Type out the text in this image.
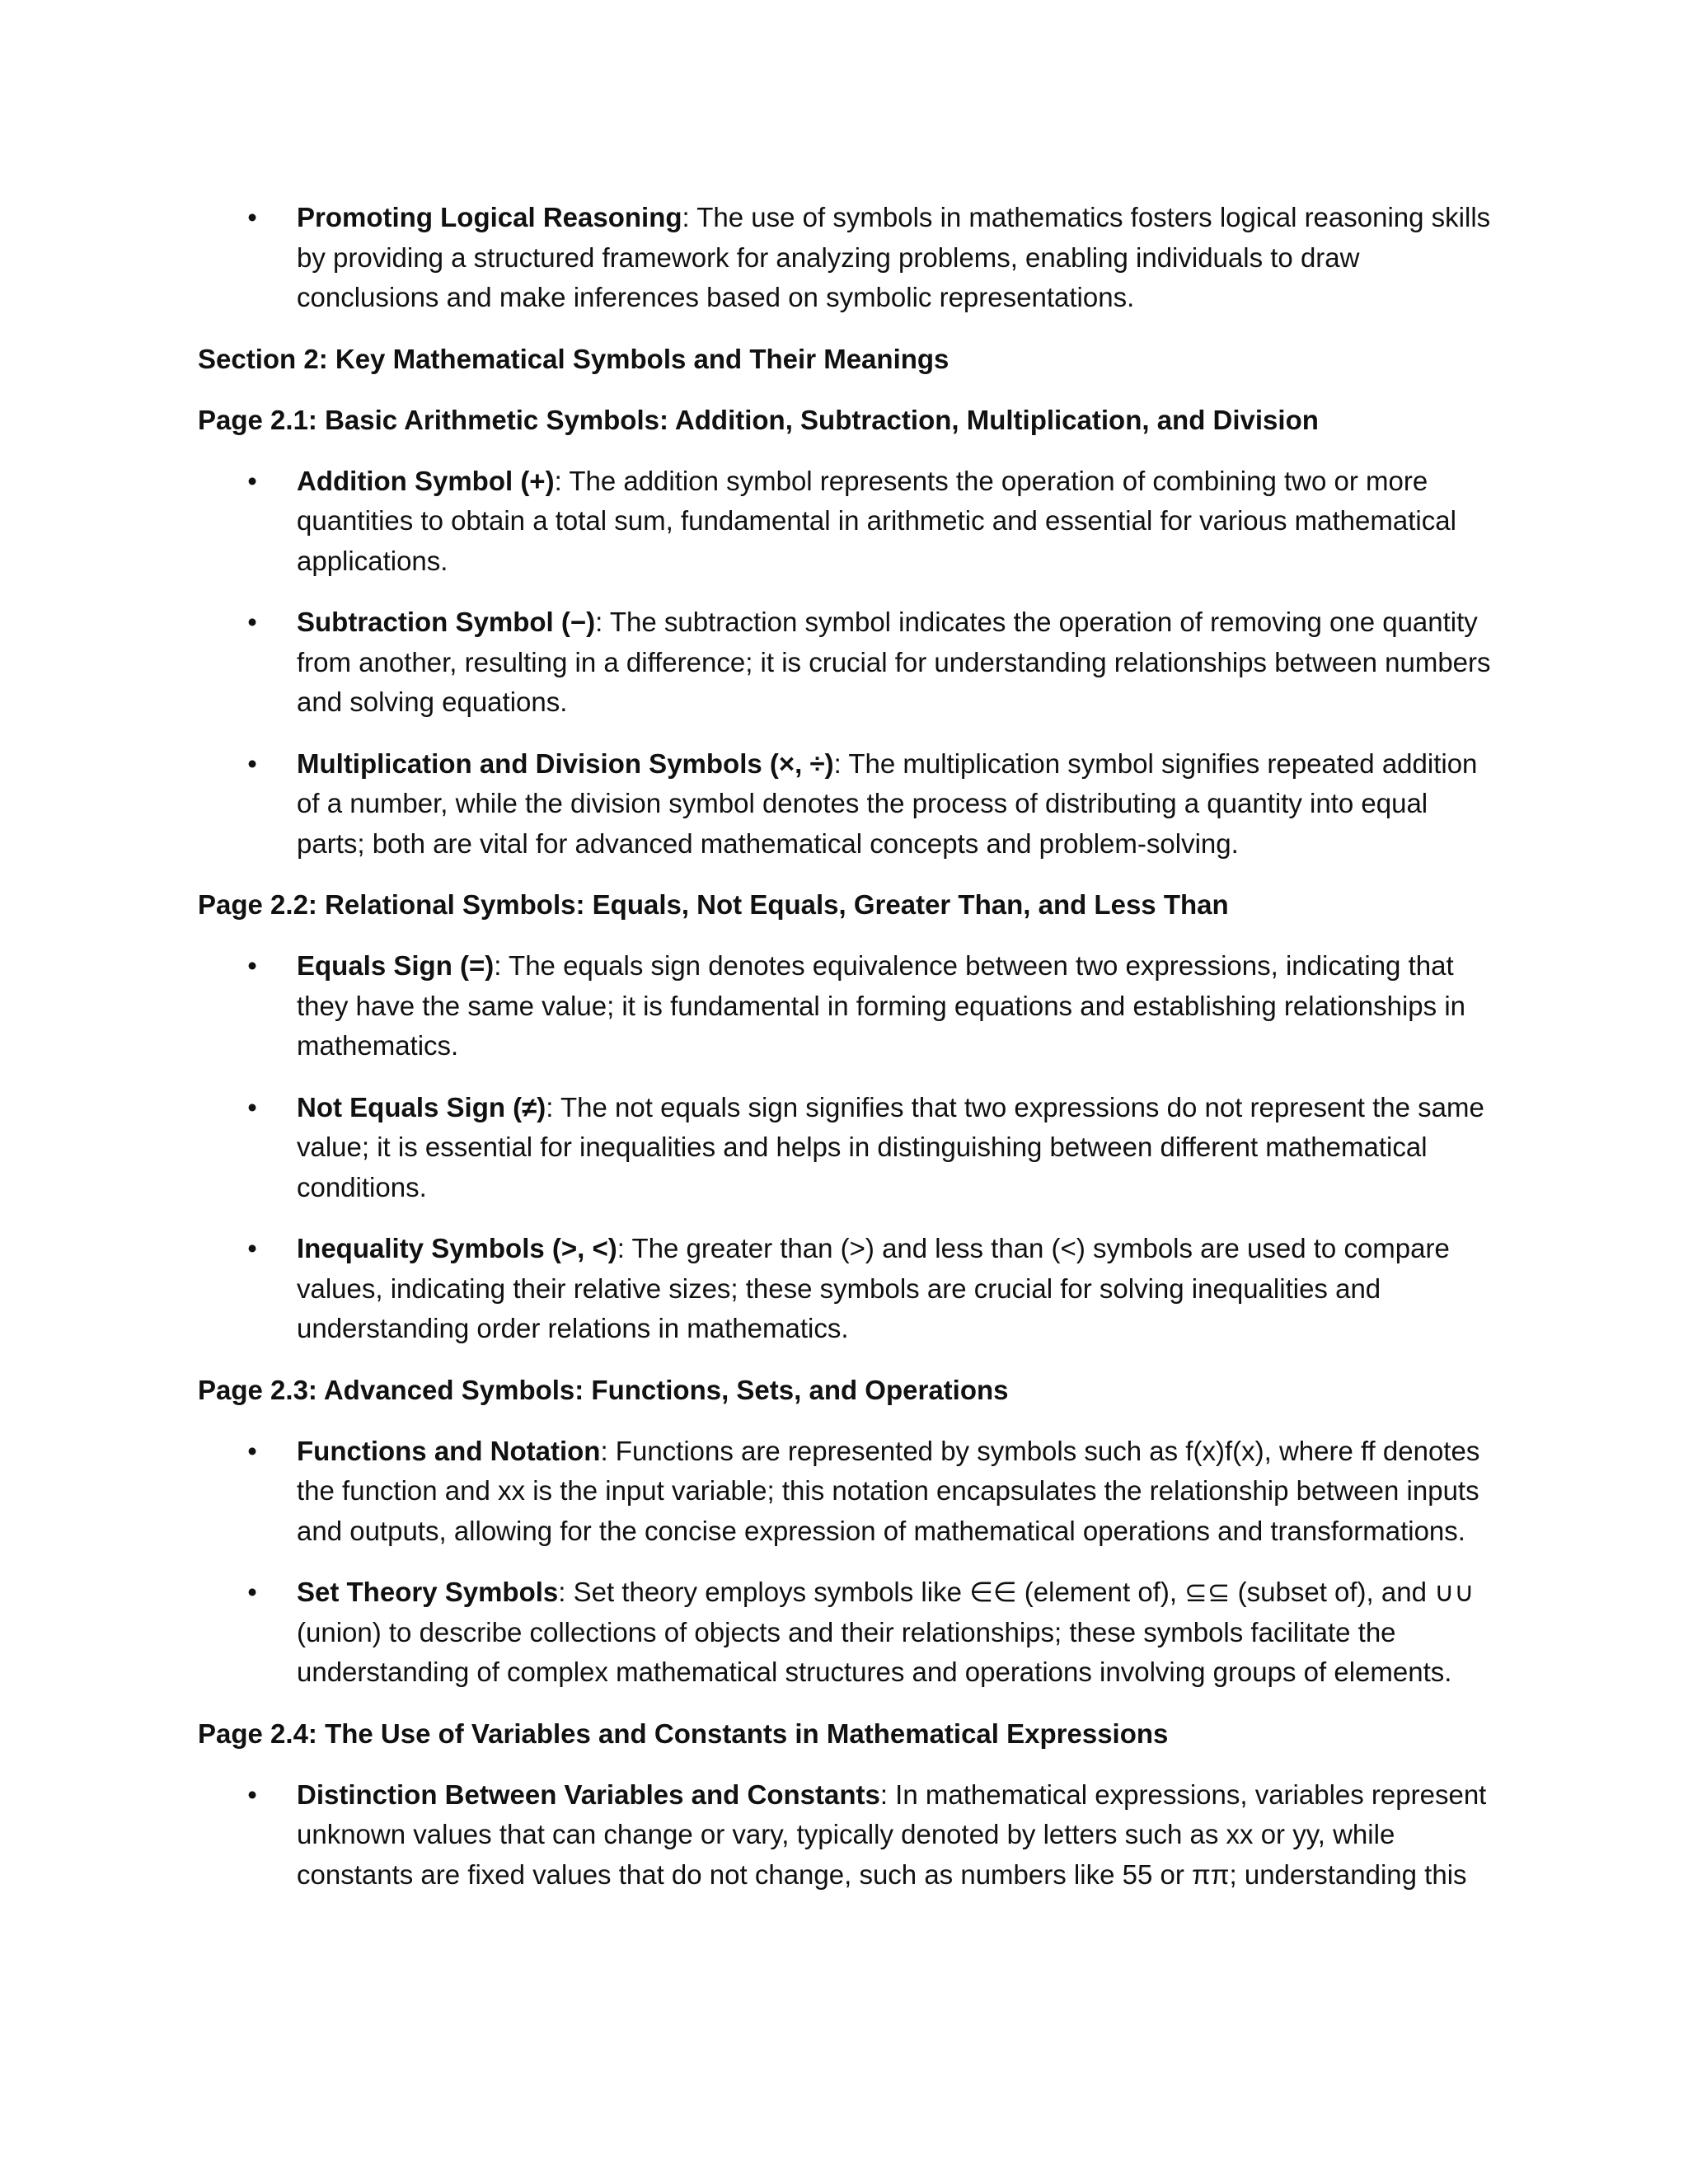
• Promoting Logical Reasoning: The use of symbols in mathematics fosters logical reasoning skills by providing a structured framework for analyzing problems, enabling individuals to draw conclusions and make inferences based on symbolic representations.
Section 2: Key Mathematical Symbols and Their Meanings
Page 2.1: Basic Arithmetic Symbols: Addition, Subtraction, Multiplication, and Division
• Addition Symbol (+): The addition symbol represents the operation of combining two or more quantities to obtain a total sum, fundamental in arithmetic and essential for various mathematical applications.
• Subtraction Symbol (−): The subtraction symbol indicates the operation of removing one quantity from another, resulting in a difference; it is crucial for understanding relationships between numbers and solving equations.
• Multiplication and Division Symbols (×, ÷): The multiplication symbol signifies repeated addition of a number, while the division symbol denotes the process of distributing a quantity into equal parts; both are vital for advanced mathematical concepts and problem-solving.
Page 2.2: Relational Symbols: Equals, Not Equals, Greater Than, and Less Than
• Equals Sign (=): The equals sign denotes equivalence between two expressions, indicating that they have the same value; it is fundamental in forming equations and establishing relationships in mathematics.
• Not Equals Sign (≠): The not equals sign signifies that two expressions do not represent the same value; it is essential for inequalities and helps in distinguishing between different mathematical conditions.
• Inequality Symbols (>, <): The greater than (>) and less than (<) symbols are used to compare values, indicating their relative sizes; these symbols are crucial for solving inequalities and understanding order relations in mathematics.
Page 2.3: Advanced Symbols: Functions, Sets, and Operations
• Functions and Notation: Functions are represented by symbols such as f(x)f(x), where ff denotes the function and xx is the input variable; this notation encapsulates the relationship between inputs and outputs, allowing for the concise expression of mathematical operations and transformations.
• Set Theory Symbols: Set theory employs symbols like ∈∈ (element of), ⊆⊆ (subset of), and ∪∪ (union) to describe collections of objects and their relationships; these symbols facilitate the understanding of complex mathematical structures and operations involving groups of elements.
Page 2.4: The Use of Variables and Constants in Mathematical Expressions
• Distinction Between Variables and Constants: In mathematical expressions, variables represent unknown values that can change or vary, typically denoted by letters such as xx or yy, while constants are fixed values that do not change, such as numbers like 55 or ππ; understanding this
